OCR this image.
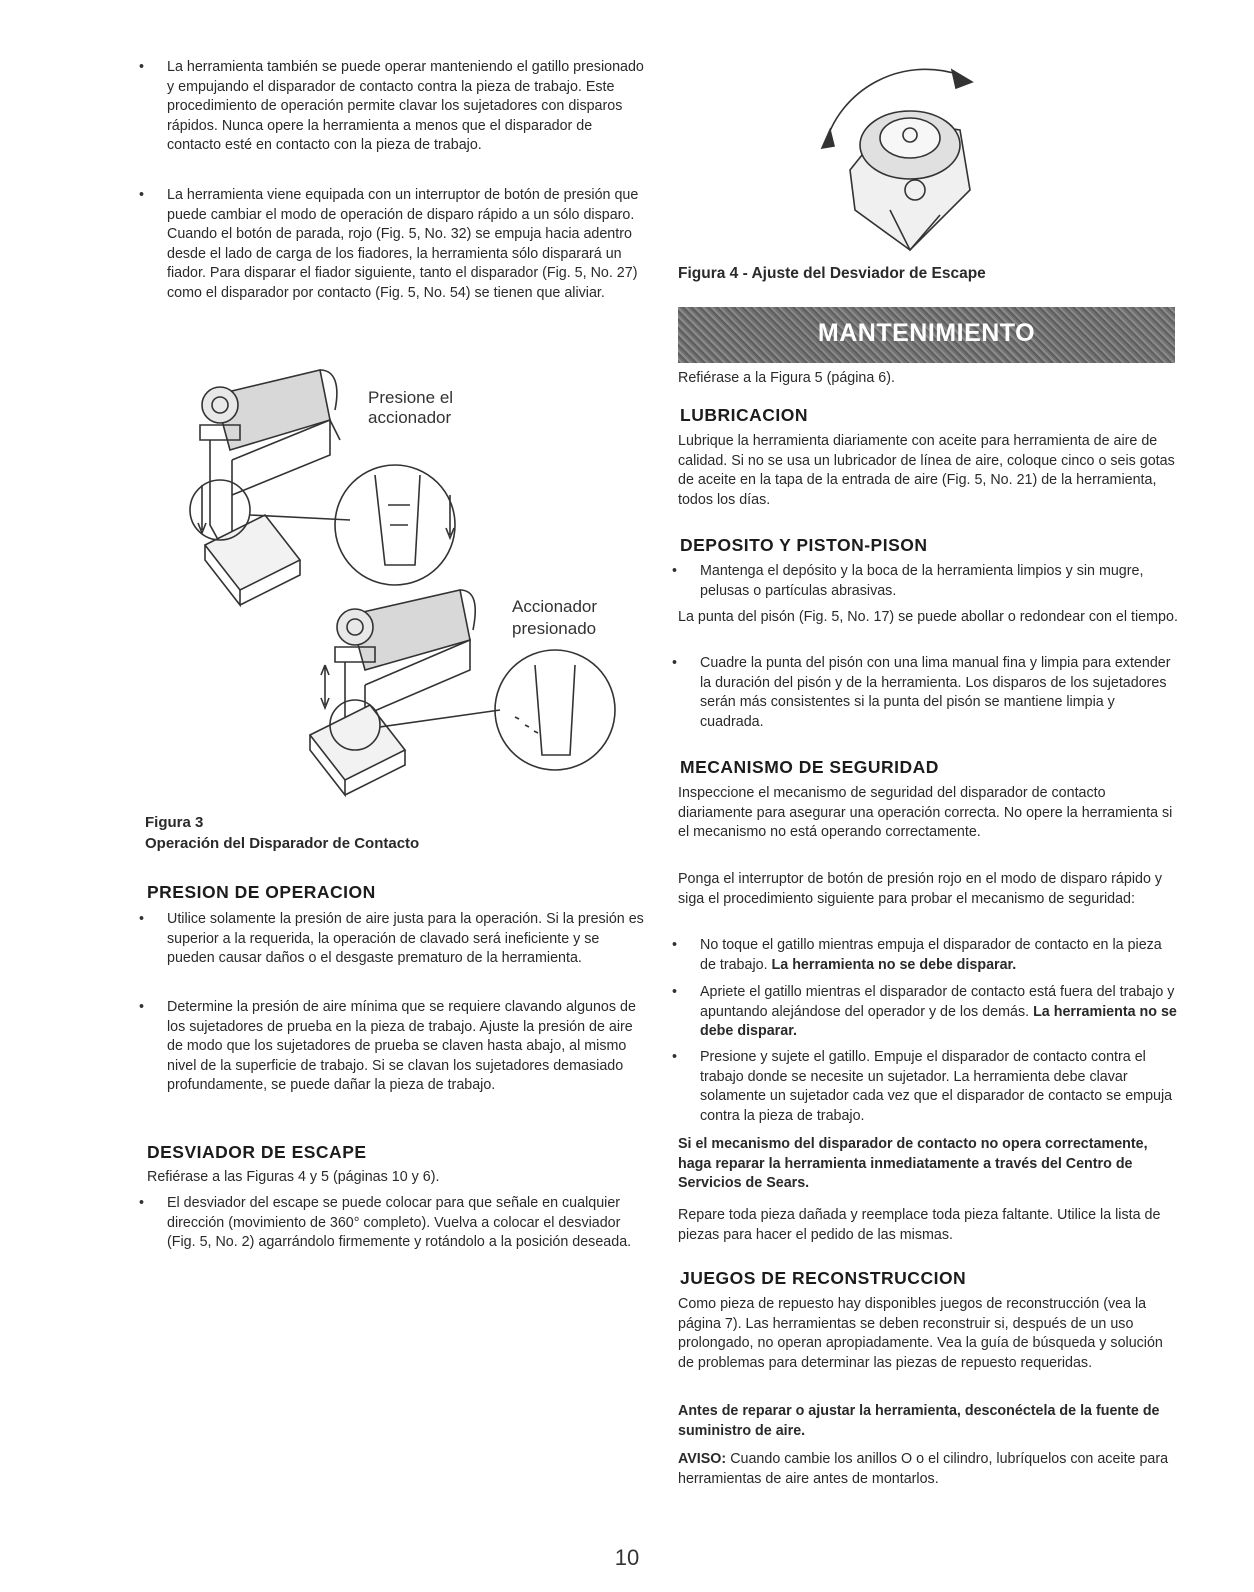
• La herramienta también se puede operar manteniendo el gatillo presionado y empujando el disparador de contacto contra la pieza de trabajo. Este procedimiento de operación permite clavar los sujetadores con disparos rápidos. Nunca opere la herramienta a menos que el disparador de contacto esté en contacto con la pieza de trabajo.
• La herramienta viene equipada con un interruptor de botón de presión que puede cambiar el modo de operación de disparo rápido a un sólo disparo. Cuando el botón de parada, rojo (Fig. 5, No. 32) se empuja hacia adentro desde el lado de carga de los fiadores, la herramienta sólo disparará un fiador. Para disparar el fiador siguiente, tanto el disparador (Fig. 5, No. 27) como el disparador por contacto (Fig. 5, No. 54) se tienen que aliviar.
Figura 3
Operación del Disparador de Contacto
PRESION DE OPERACION
• Utilice solamente la presión de aire justa para la operación. Si la presión es superior a la requerida, la operación de clavado será ineficiente y se pueden causar daños o el desgaste prematuro de la herramienta.
• Determine la presión de aire mínima que se requiere clavando algunos de los sujetadores de prueba en la pieza de trabajo. Ajuste la presión de aire de modo que los sujetadores de prueba se claven hasta abajo, al mismo nivel de la superficie de trabajo. Si se clavan los sujetadores demasiado profundamente, se puede dañar la pieza de trabajo.
DESVIADOR DE ESCAPE
Refiérase a las Figuras 4 y 5 (páginas 10 y 6).
• El desviador del escape se puede colocar para que señale en cualquier dirección (movimiento de 360° completo). Vuelva a colocar el desviador (Fig. 5, No. 2) agarrándolo firmemente y rotándolo a la posición deseada.
Presione el
accionador
Accionador
presionado
Figura 4 - Ajuste del Desviador de Escape
Refiérase a la Figura 5 (página 6).
LUBRICACION
Lubrique la herramienta diariamente con aceite para herramienta de aire de calidad. Si no se usa un lubricador de línea de aire, coloque cinco o seis gotas de aceite en la tapa de la entrada de aire (Fig. 5, No. 21) de la herramienta, todos los días.
DEPOSITO Y PISTON-PISON
• Mantenga el depósito y la boca de la herramienta limpios y sin mugre, pelusas o partículas abrasivas.
La punta del pisón (Fig. 5, No. 17) se puede abollar o redondear con el tiempo.
• Cuadre la punta del pisón con una lima manual fina y limpia para extender la duración del pisón y de la herramienta. Los disparos de los sujetadores serán más consistentes si la punta del pisón se mantiene limpia y cuadrada.
MECANISMO DE SEGURIDAD
Inspeccione el mecanismo de seguridad del disparador de contacto diariamente para asegurar una operación correcta. No opere la herramienta si el mecanismo no está operando correctamente.
Ponga el interruptor de botón de presión rojo en el modo de disparo rápido y siga el procedimiento siguiente para probar el mecanismo de seguridad:
• No toque el gatillo mientras empuja el disparador de contacto en la pieza de trabajo. La herramienta no se debe disparar.
• Apriete el gatillo mientras el disparador de contacto está fuera del trabajo y apuntando alejándose del operador y de los demás. La herramienta no se debe disparar.
• Presione y sujete el gatillo. Empuje el disparador de contacto contra el trabajo donde se necesite un sujetador. La herramienta debe clavar solamente un sujetador cada vez que el disparador de contacto se empuja contra la pieza de trabajo.
Si el mecanismo del disparador de contacto no opera correctamente, haga reparar la herramienta inmediatamente a través del Centro de Servicios de Sears.
Repare toda pieza dañada y reemplace toda pieza faltante. Utilice la lista de piezas para hacer el pedido de las mismas.
JUEGOS DE RECONSTRUCCION
Como pieza de repuesto hay disponibles juegos de reconstrucción (vea la página 7). Las herramientas se deben reconstruir si, después de un uso prolongado, no operan apropiadamente. Vea la guía de búsqueda y solución de problemas para determinar las piezas de repuesto requeridas.
Antes de reparar o ajustar la herramienta, desconéctela de la fuente de suministro de aire.
AVISO: Cuando cambie los anillos O o el cilindro, lubríquelos con aceite para herramientas de aire antes de montarlos.
MANTENIMIENTO
10
